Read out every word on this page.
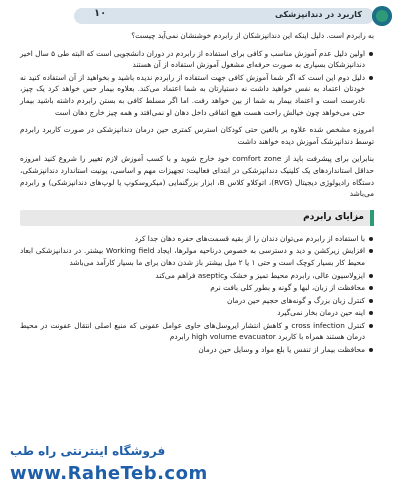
کاربرد در دندانپزشکی
۱۰

به رابردم است. دلیل اینکه این دندانپزشکان از رابردم خوشنشان نمی‌آید چیست؟

اولین دلیل عدم آموزش مناسب و کافی برای استفاده از رابردم در دوران دانشجویی است که البته طی ۵ سال اخیر دندانپزشکان بسیاری به صورت حرفه‌ای مشغول آموزش استفاده از آن هستند
دلیل دوم این است که اگر شما آموزش کافی جهت استفاده از رابردم ندیده باشید و بخواهید از آن استفاده کنید نه خودتان اعتماد به نفس خواهید داشت نه دستیارتان به شما اعتماد می‌کند. بعلاوه بیمار حس خواهد کرد یک چیز، نادرست است و اعتماد بیمار به شما از بین خواهد رفت. اما اگر مسلط کافی به بستن رابردم داشته باشید بیمار حتی می‌خواهد چون خیالش راحت هست هیچ اتفاقی داخل دهان او نمی‌افتد و همه چیز خارج دهان است

امروزه مشخص شده علاوه بر بالغین حتی کودکان استرس کمتری حین درمان دندانپزشکی در صورت کاربرد رابردم توسط دندانپزشک آموزش دیده خواهند داشت

بنابراین برای پیشرفت باید از comfort zone خود خارج شوید و با کسب آموزش لازم تغییر را شروع کنید امروزه حداقل استانداردهای یک کلینیک دندانپزشکی در ابتدای فعالیت: تجهیزات مهم و اساسی، یونیت استاندارد دندانپزشکی، دستگاه رادیولوژی دیجیتال (RVG)، اتوکلاو کلاس B، ابزار بزرگنمایی (میکروسکوپ یا لوپ‌های دندانپزشکی) و رابردم می‌باشد

مزایای رابردم
با استفاده از رابردم می‌توان دندان را از بقیه قسمت‌های حفره دهان جدا کرد
افزایش زیرکشن و دید و دسترسی به خصوص درناحیه مولرها، ایجاد Working field بیشتر. در دندانپزشکی ابعاد محیط کار بسیار کوچک است و حتی ۱ یا ۲ میل بیشتر باز شدن دهان برای ما بسیار کارآمد می‌باشد
ایزولاسیون عالی، رابردم محیط تمیز و خشک وaseptic فراهم می‌کند
محافظت از زبان، لبها و گونه و بطور کلی بافت نرم
کنترل زبان بزرگ و گونه‌های حجیم حین درمان
اینه حین درمان بخار نمی‌گیرد
کنترل cross infection و کاهش انتشار ایروسل‌های حاوی عوامل عفونی که منبع اصلی انتقال عفونت در محیط درمان هستند همراه با کاربرد high volume evacuator رابردم
محافظت بیمار از تنفس یا بلع مواد و وسایل حین درمان
فروشگاه اینترنتی راه طب
www.RaheTeb.com
